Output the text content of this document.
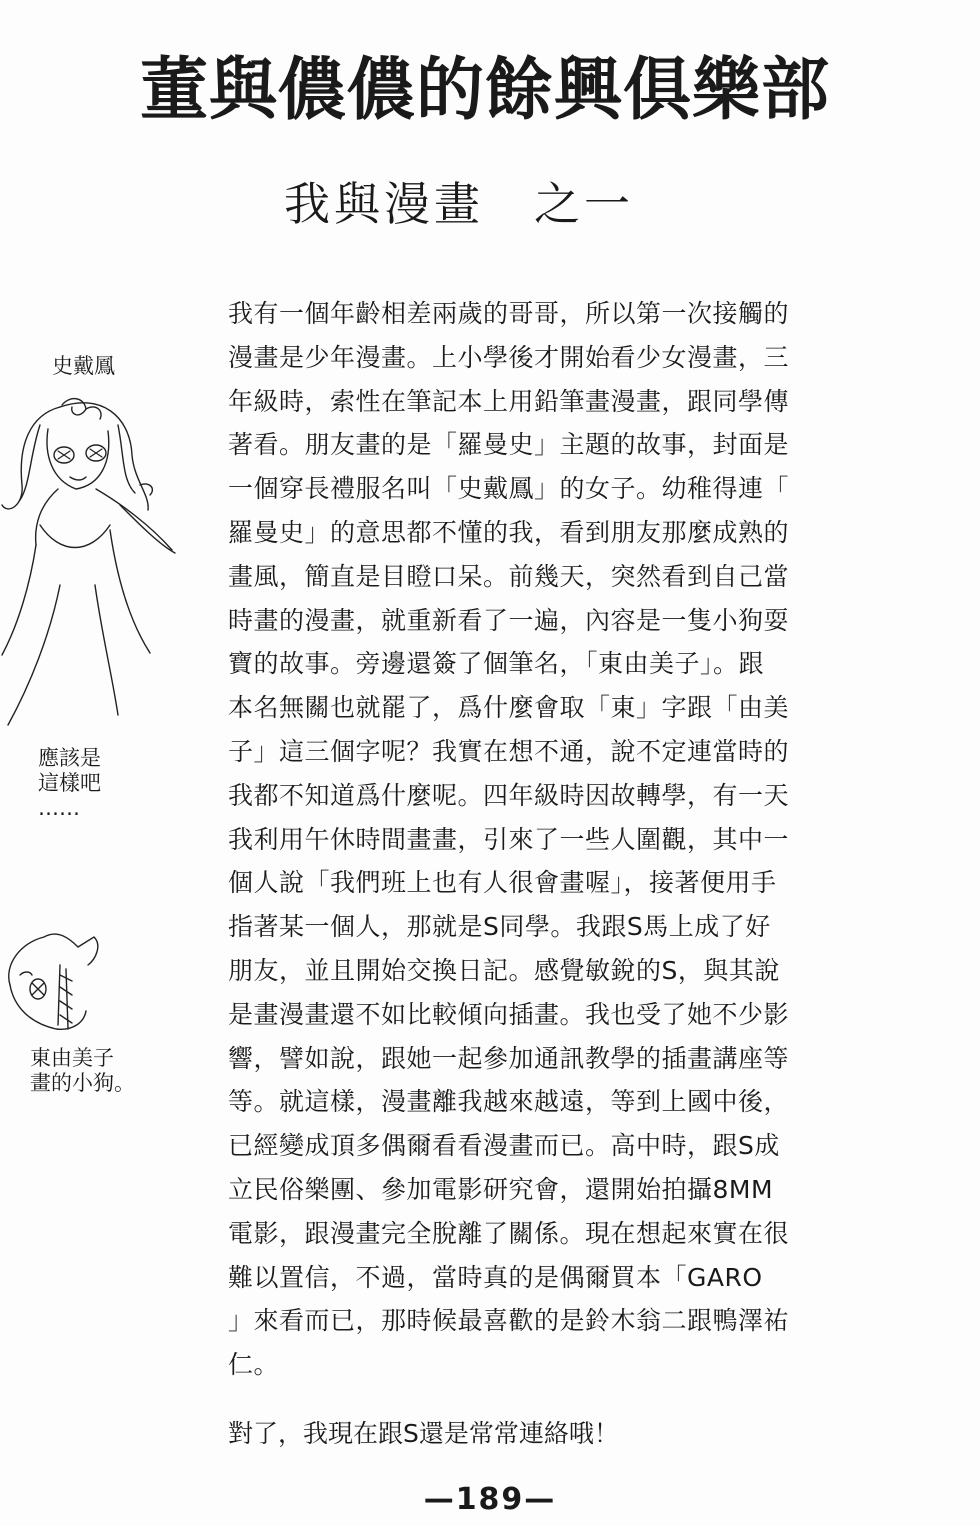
董與儂儂的餘興俱樂部
我與漫畫　之一
我有一個年齡相差兩歲的哥哥，所以第一次接觸的
漫畫是少年漫畫。上小學後才開始看少女漫畫，三
年級時，索性在筆記本上用鉛筆畫漫畫，跟同學傳
著看。朋友畫的是「羅曼史」主題的故事，封面是
一個穿長禮服名叫「史戴鳳」的女子。幼稚得連「
羅曼史」的意思都不懂的我，看到朋友那麼成熟的
畫風，簡直是目瞪口呆。前幾天，突然看到自己當
時畫的漫畫，就重新看了一遍，內容是一隻小狗耍
寶的故事。旁邊還簽了個筆名，「東由美子」。跟
本名無關也就罷了，爲什麼會取「東」字跟「由美
子」這三個字呢？我實在想不通，說不定連當時的
我都不知道爲什麼呢。四年級時因故轉學，有一天
我利用午休時間畫畫，引來了一些人圍觀，其中一
個人說「我們班上也有人很會畫喔」，接著便用手
指著某一個人，那就是S同學。我跟S馬上成了好
朋友，並且開始交換日記。感覺敏銳的S，與其說
是畫漫畫還不如比較傾向插畫。我也受了她不少影
響，譬如說，跟她一起參加通訊教學的插畫講座等
等。就這樣，漫畫離我越來越遠，等到上國中後，
已經變成頂多偶爾看看漫畫而已。高中時，跟S成
立民俗樂團、參加電影研究會，還開始拍攝8MM
電影，跟漫畫完全脫離了關係。現在想起來實在很
難以置信，不過，當時真的是偶爾買本「GARO
」來看而已，那時候最喜歡的是鈴木翁二跟鴨澤祐
仁。
對了，我現在跟S還是常常連絡哦！
史戴鳳
應該是
這樣吧
……
東由美子
畫的小狗。
—189—
